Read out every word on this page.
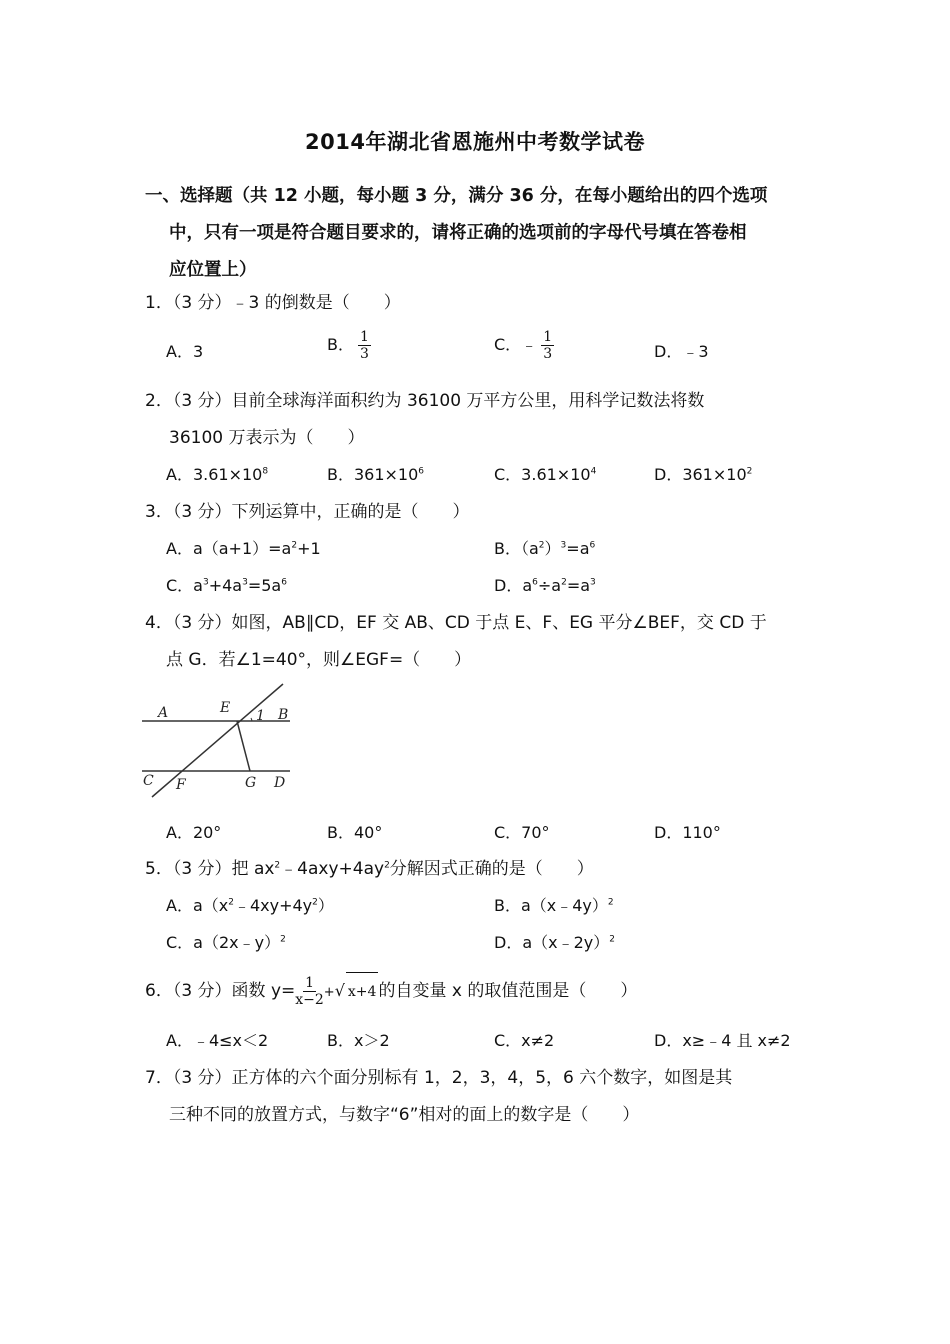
2014年湖北省恩施州中考数学试卷
一、选择题（共 12 小题，每小题 3 分，满分 36 分，在每小题给出的四个选项
中，只有一项是符合题目要求的，请将正确的选项前的字母代号填在答卷相
应位置上）
1．（3 分）﹣3 的倒数是（　　）
A．3	B． $\frac{1}{3}$	C．﹣ $\frac{1}{3}$	D．﹣3
2．（3 分）目前全球海洋面积约为 36100 万平方公里，用科学记数法将数
36100 万表示为（　　）
A．$3.61\times 10^8$	B．$361\times 10^6$	C．$3.61\times 10^4$	D．$361\times 10^2$
3．（3 分）下列运算中，正确的是（　　）
A．$a(a+1)=a^2+1$	B．$(a^2)^3=a^6$
C．$a^3+4a^3=5a^6$	D．$a^6\div a^2=a^3$
4．（3 分）如图，AB∥CD，EF 交 AB、CD 于点 E、F、EG 平分∠BEF，交 CD 于
点 G．若∠1=40°，则∠EGF=（　　）
A	E 1 B
C F	G D
A．20°	B．40°	C．70°	D．110°
5．（3 分）把 $ax^2﹣4axy+4ay^2$分解因式正确的是（　　）
A．$a(x^2﹣4xy+4y^2)$	B．a（x﹣4y）$^2$
C．a（2x﹣y）$^2$	D．a（x﹣2y）$^2$
6．（3 分）函数 $y= \frac{1}{x-2}$ +√ x+4 的自变量 x 的取值范围是（　　）
A．﹣4≤x＜2	B．x＞2	C．x≠2	D．x≥﹣4 且 x≠2
7．（3 分）正方体的六个面分别标有 1，2，3，4，5，6 六个数字，如图是其
三种不同的放置方式，与数字“6”相对的面上的数字是（　　）
